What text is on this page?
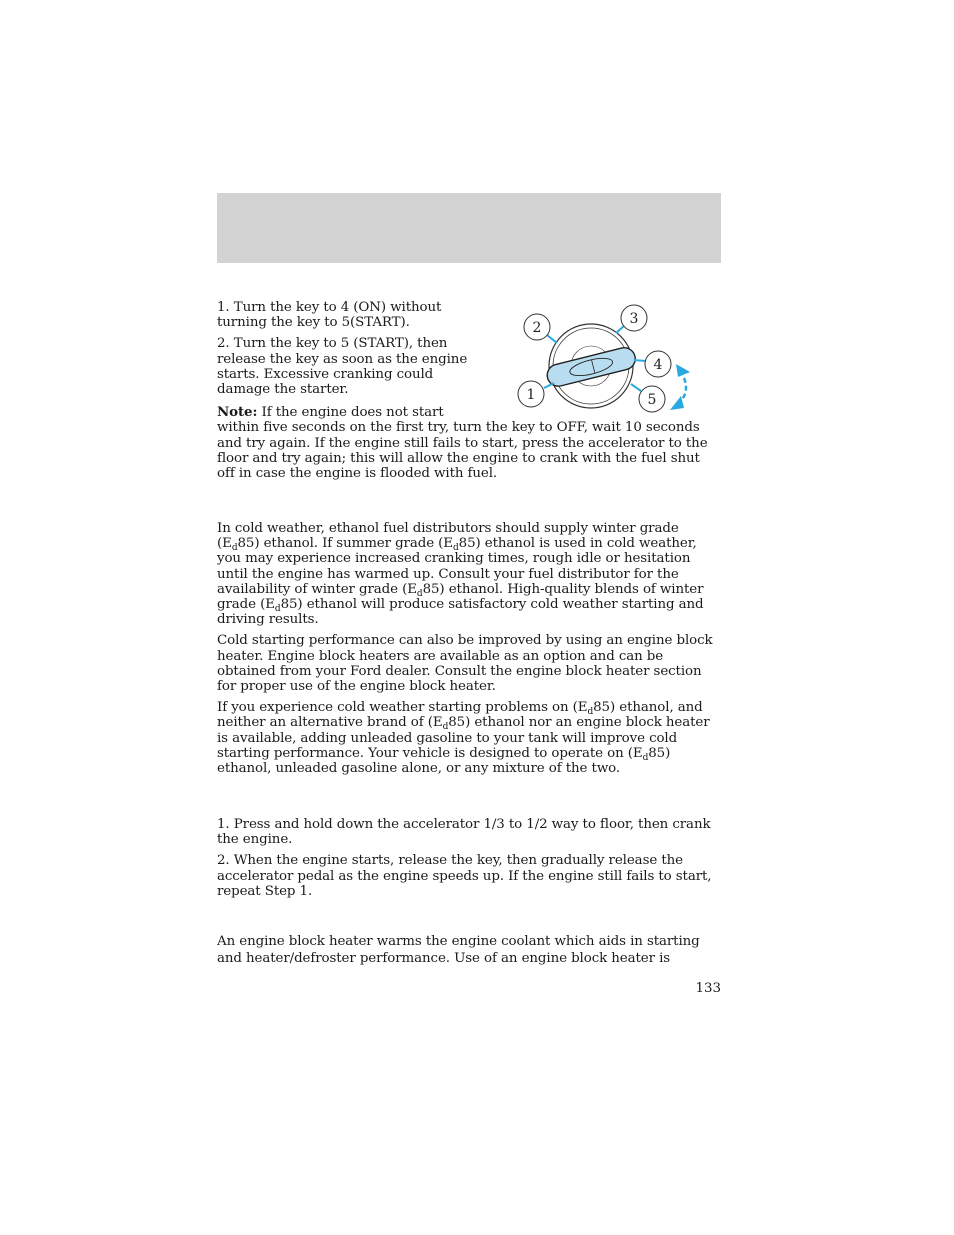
1. Turn the key to 4 (ON) without turning the key to 5(START).

2. Turn the key to 5 (START), then release the key as soon as the engine starts. Excessive cranking could damage the starter.

Note: If the engine does not start
within five seconds on the first try, turn the key to OFF, wait 10 seconds and try again. If the engine still fails to start, press the accelerator to the floor and try again; this will allow the engine to crank with the fuel shut off in case the engine is flooded with fuel.

2
3
4
5
1

In cold weather, ethanol fuel distributors should supply winter grade $(E_d85)$ ethanol. If summer grade $(E_d85)$ ethanol is used in cold weather, you may experience increased cranking times, rough idle or hesitation until the engine has warmed up. Consult your fuel distributor for the availability of winter grade $(E_d85)$ ethanol. High-quality blends of winter grade $(E_d85)$ ethanol will produce satisfactory cold weather starting and driving results.

Cold starting performance can also be improved by using an engine block heater. Engine block heaters are available as an option and can be obtained from your Ford dealer. Consult the engine block heater section for proper use of the engine block heater.

If you experience cold weather starting problems on $(E_d85)$ ethanol, and neither an alternative brand of $(E_d85)$ ethanol nor an engine block heater is available, adding unleaded gasoline to your tank will improve cold starting performance. Your vehicle is designed to operate on $(E_d85)$ ethanol, unleaded gasoline alone, or any mixture of the two.

1. Press and hold down the accelerator 1/3 to 1/2 way to floor, then crank the engine.

2. When the engine starts, release the key, then gradually release the accelerator pedal as the engine speeds up. If the engine still fails to start, repeat Step 1.

An engine block heater warms the engine coolant which aids in starting and heater/defroster performance. Use of an engine block heater is

133
